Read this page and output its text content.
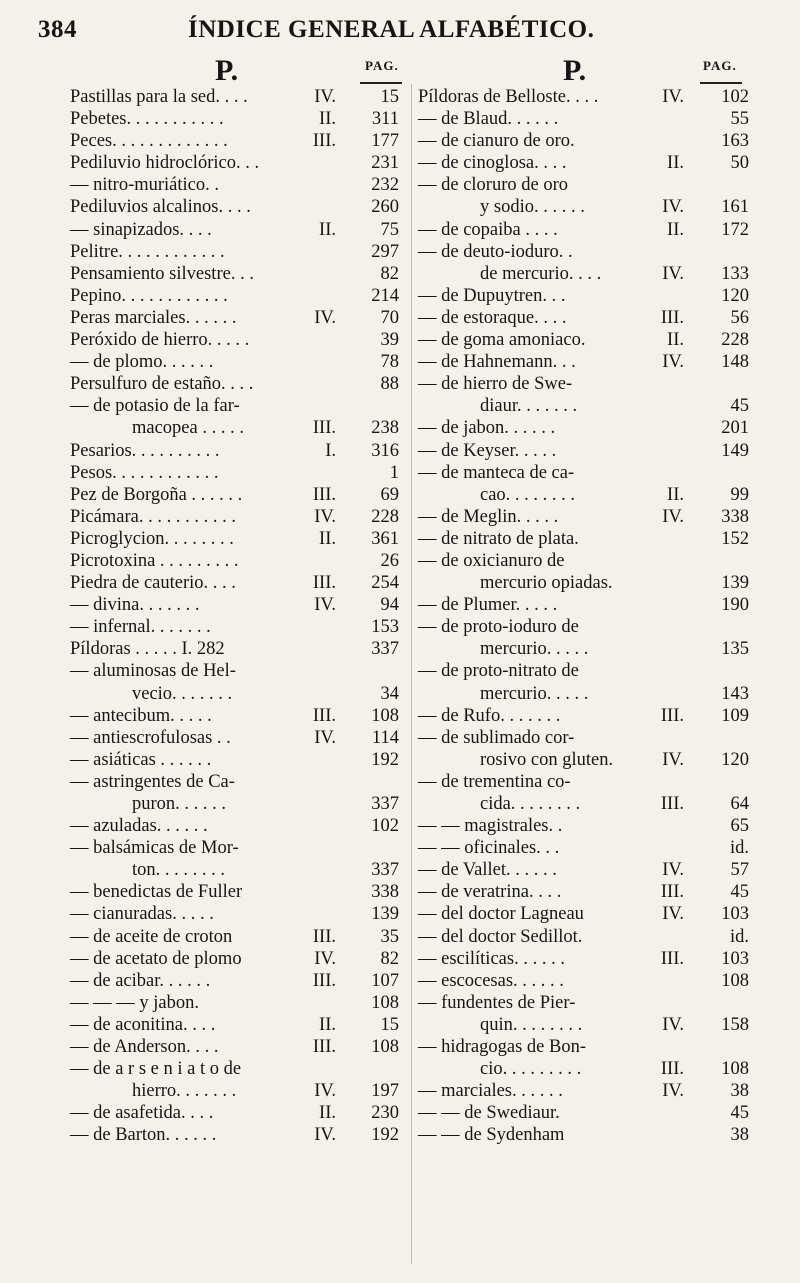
384	ÍNDICE GENERAL ALFABÉTICO.
P.	PAG.
Pastillas para la sed. . . .	IV.	15
Pebetes. . . . . . . . . . .	II.	311
Peces. . . . . . . . . . . . .	III.	177
Pediluvio hidroclórico. . .	231
— nitro-muriático. .	232
Pediluvios alcalinos. . . .	260
— sinapizados. . . .	II.	75
Pelitre. . . . . . . . . . . .	297
Pensamiento silvestre. . .	82
Pepino. . . . . . . . . . . .	214
Peras marciales. . . . . .	IV.	70
Peróxido de hierro. . . . .	39
— de plomo. . . . . .	78
Persulfuro de estaño. . . .	88
— de potasio de la far-
macopea . . . . .	III.	238
Pesarios. . . . . . . . . .	I.	316
Pesos. . . . . . . . . . . .	1
Pez de Borgoña . . . . . .	III.	69
Picámara. . . . . . . . . . .	IV.	228
Picroglycion. . . . . . . .	II.	361
Picrotoxina . . . . . . . . .	26
Piedra de cauterio. . . .	III.	254
— divina. . . . . . .	IV.	94
— infernal. . . . . . .	153
Píldoras . . . . . I. 282	337
— aluminosas de Hel-
vecio. . . . . . .	34
— antecibum. . . . .	III.	108
— antiescrofulosas . .	IV.	114
— asiáticas . . . . . .	192
— astringentes de Ca-
puron. . . . . .	337
— azuladas. . . . . .	102
— balsámicas de Mor-
ton. . . . . . . .	337
— benedictas de Fuller	338
— cianuradas. . . . .	139
— de aceite de croton	III.	35
— de acetato de plomo	IV.	82
— de acibar. . . . . .	III.	107
— — — y jabon.	108
— de aconitina. . . .	II.	15
— de Anderson. . . .	III.	108
— de a r s e n i a t o de
hierro. . . . . . .	IV.	197
— de asafetida. . . .	II.	230
— de Barton. . . . . .	IV.	192
P.	PAG.
Píldoras de Belloste. . . .	IV.	102
— de Blaud. . . . . .	55
— de cianuro de oro.	163
— de cinoglosa. . . .	II.	50
— de cloruro de oro
y sodio. . . . . .	IV.	161
— de copaiba . . . .	II.	172
— de deuto-ioduro. .
de mercurio. . . .	IV.	133
— de Dupuytren. . .	120
— de estoraque. . . .	III.	56
— de goma amoniaco.	II.	228
— de Hahnemann. . .	IV.	148
— de hierro de Swe-
diaur. . . . . . .	45
— de jabon. . . . . .	201
— de Keyser. . . . .	149
— de manteca de ca-
cao. . . . . . . .	II.	99
— de Meglin. . . . .	IV.	338
— de nitrato de plata.	152
— de oxicianuro de
mercurio opiadas.	139
— de Plumer. . . . .	190
— de proto-ioduro de
mercurio. . . . .	135
— de proto-nitrato de
mercurio. . . . .	143
— de Rufo. . . . . . .	III.	109
— de sublimado cor-
rosivo con gluten.	IV.	120
— de trementina co-
cida. . . . . . . .	III.	64
— — magistrales. .	65
— — oficinales. . .	id.
— de Vallet. . . . . .	IV.	57
— de veratrina. . . .	III.	45
— del doctor Lagneau	IV.	103
— del doctor Sedillot.	id.
— escilíticas. . . . . .	III.	103
— escocesas. . . . . .	108
— fundentes de Pier-
quin. . . . . . . .	IV.	158
— hidragogas de Bon-
cio. . . . . . . . .	III.	108
— marciales. . . . . .	IV.	38
— — de Swediaur.	45
— — de Sydenham	38
